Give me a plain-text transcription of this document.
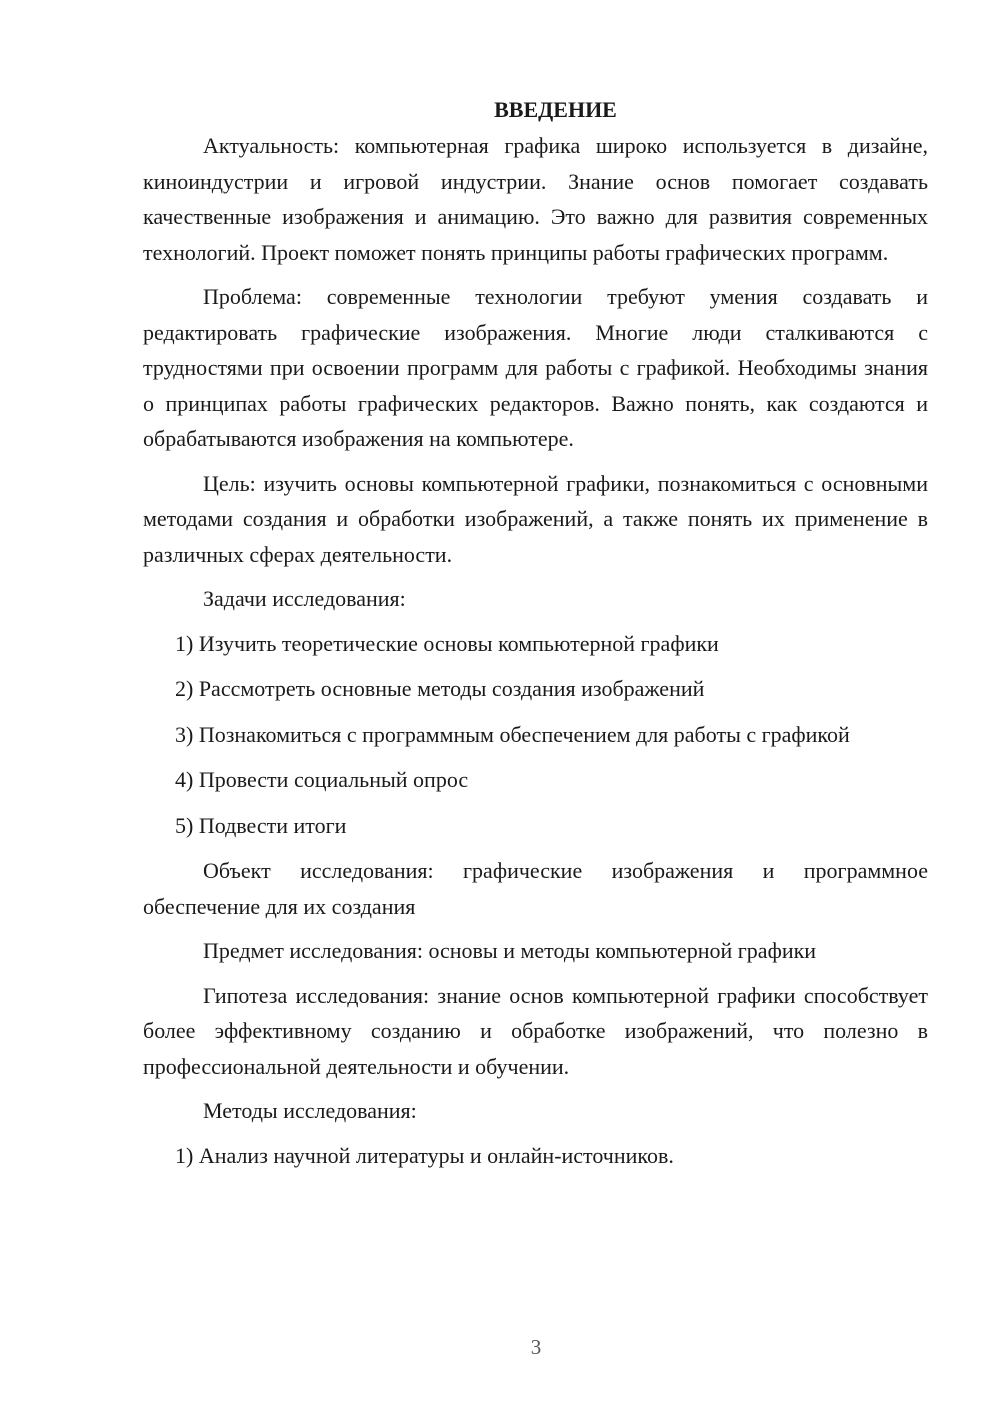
ВВЕДЕНИЕ

Актуальность: компьютерная графика широко используется в дизайне, киноиндустрии и игровой индустрии. Знание основ помогает создавать качественные изображения и анимацию. Это важно для развития современных технологий. Проект поможет понять принципы работы графических программ.

Проблема: современные технологии требуют умения создавать и редактировать графические изображения. Многие люди сталкиваются с трудностями при освоении программ для работы с графикой. Необходимы знания о принципах работы графических редакторов. Важно понять, как создаются и обрабатываются изображения на компьютере.

Цель: изучить основы компьютерной графики, познакомиться с основными методами создания и обработки изображений, а также понять их применение в различных сферах деятельности.

Задачи исследования:

1) Изучить теоретические основы компьютерной графики

2) Рассмотреть основные методы создания изображений

3) Познакомиться с программным обеспечением для работы с графикой

4) Провести социальный опрос

5) Подвести итоги

Объект исследования: графические изображения и программное обеспечение для их создания

Предмет исследования: основы и методы компьютерной графики

Гипотеза исследования: знание основ компьютерной графики способствует более эффективному созданию и обработке изображений, что полезно в профессиональной деятельности и обучении.

Методы исследования:

1) Анализ научной литературы и онлайн-источников.

3
